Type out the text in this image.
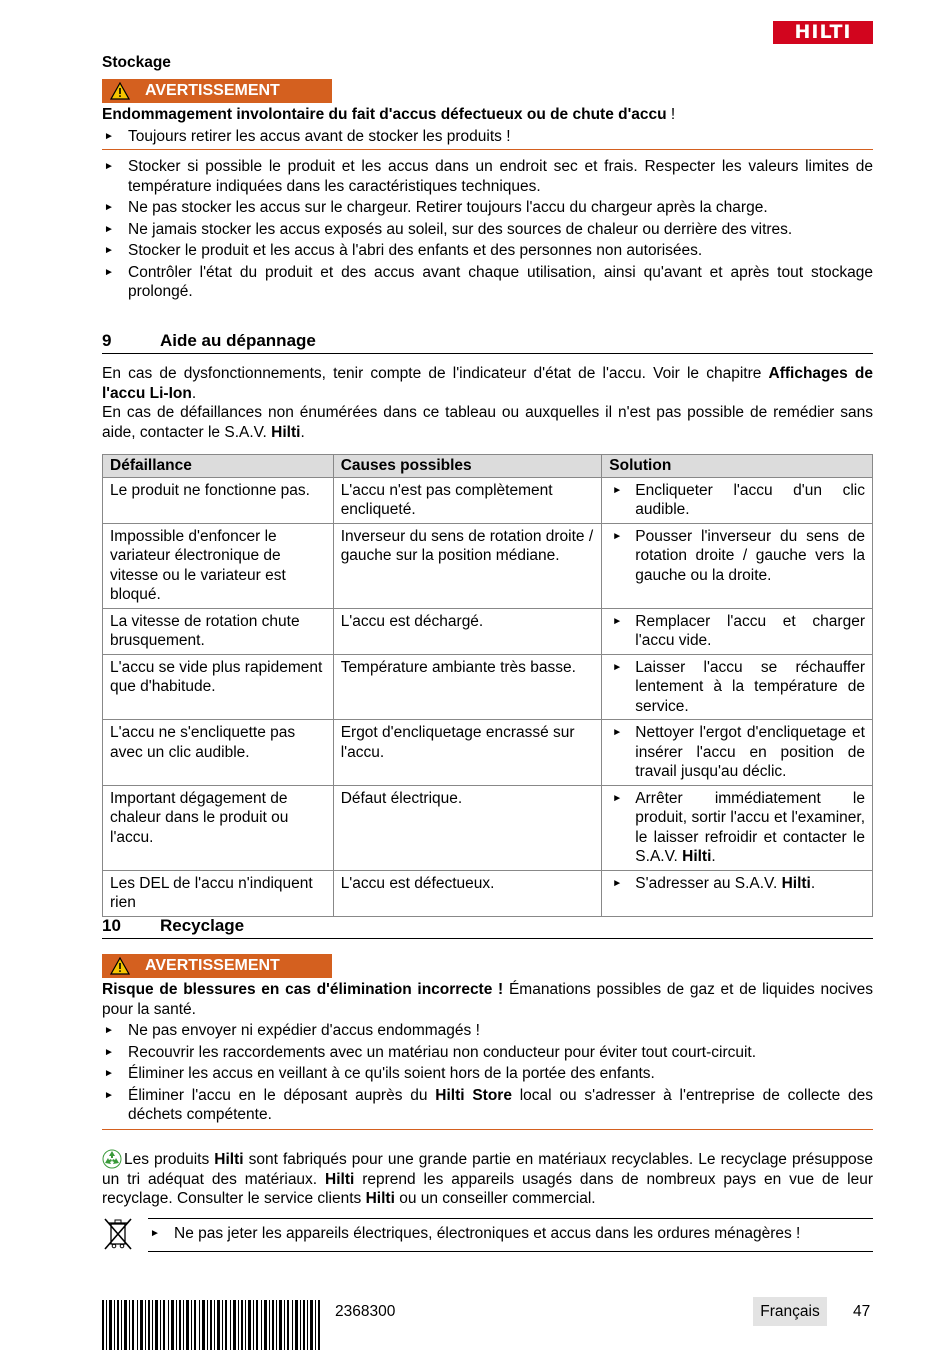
HILTI
Stockage
AVERTISSEMENT
Endommagement involontaire du fait d'accus défectueux ou de chute d'accu !
► Toujours retirer les accus avant de stocker les produits !
► Stocker si possible le produit et les accus dans un endroit sec et frais. Respecter les valeurs limites de température indiquées dans les caractéristiques techniques.
► Ne pas stocker les accus sur le chargeur. Retirer toujours l'accu du chargeur après la charge.
► Ne jamais stocker les accus exposés au soleil, sur des sources de chaleur ou derrière des vitres.
► Stocker le produit et les accus à l'abri des enfants et des personnes non autorisées.
► Contrôler l'état du produit et des accus avant chaque utilisation, ainsi qu'avant et après tout stockage prolongé.
9	Aide au dépannage

En cas de dysfonctionnements, tenir compte de l'indicateur d'état de l'accu. Voir le chapitre Affichages de l'accu Li-Ion.

En cas de défaillances non énumérées dans ce tableau ou auxquelles il n'est pas possible de remédier sans aide, contacter le S.A.V. Hilti.

Défaillance	Causes possibles	Solution
Le produit ne fonctionne pas.	L'accu n'est pas complètement encliqueté.	► Encliqueter l'accu d'un clic audible.
Impossible d'enfoncer le variateur électronique de vitesse ou le variateur est bloqué.	Inverseur du sens de rotation droite / gauche sur la position médiane.	► Pousser l'inverseur du sens de rotation droite / gauche vers la gauche ou la droite.
La vitesse de rotation chute brusquement.	L'accu est déchargé.	► Remplacer l'accu et charger l'accu vide.
L'accu se vide plus rapidement que d'habitude.	Température ambiante très basse.	► Laisser l'accu se réchauffer lentement à la température de service.
L'accu ne s'encliquette pas avec un clic audible.	Ergot d'encliquetage encrassé sur l'accu.	► Nettoyer l'ergot d'encliquetage et insérer l'accu en position de travail jusqu'au déclic.
Important dégagement de chaleur dans le produit ou l'accu.	Défaut électrique.	► Arrêter immédiatement le produit, sortir l'accu et l'examiner, le laisser refroidir et contacter le S.A.V. Hilti.
Les DEL de l'accu n'indiquent rien	L'accu est défectueux.	► S'adresser au S.A.V. Hilti.
10 Recyclage
AVERTISSEMENT

Risque de blessures en cas d'élimination incorrecte ! Émanations possibles de gaz et de liquides nocives pour la santé.

► Ne pas envoyer ni expédier d'accus endommagés !
► Recouvrir les raccordements avec un matériau non conducteur pour éviter tout court-circuit.
► Éliminer les accus en veillant à ce qu'ils soient hors de la portée des enfants.
► Éliminer l'accu en le déposant auprès du Hilti Store local ou s'adresser à l'entreprise de collecte des déchets compétente.

Les produits Hilti sont fabriqués pour une grande partie en matériaux recyclables. Le recyclage présuppose un tri adéquat des matériaux. Hilti reprend les appareils usagés dans de nombreux pays en vue de leur recyclage. Consulter le service clients Hilti ou un conseiller commercial.

► Ne pas jeter les appareils électriques, électroniques et accus dans les ordures ménagères !
2368300	Français	47
